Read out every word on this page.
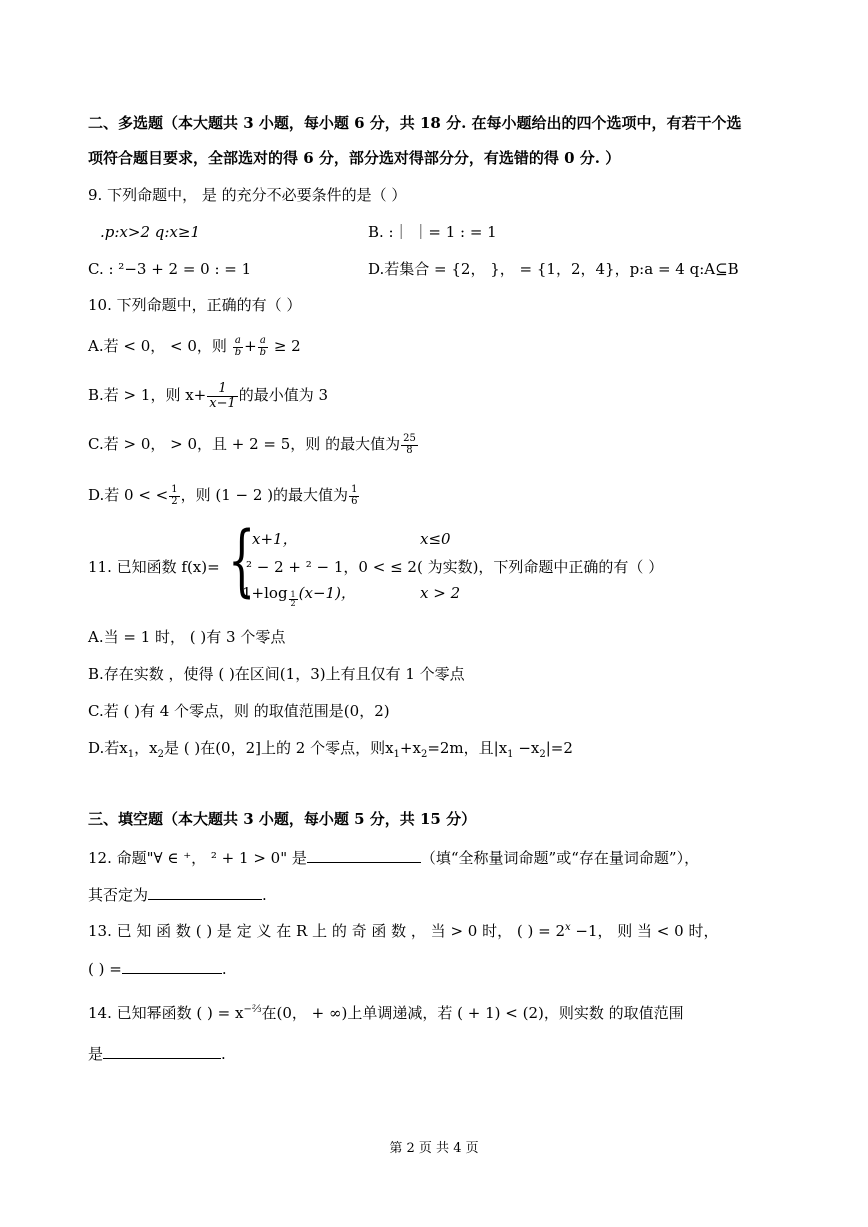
二、多选题（本大题共 3 小题，每小题 6 分，共 18 分. 在每小题给出的四个选项中，有若干个选
项符合题目要求，全部选对的得 6 分，部分选对得部分分，有选错的得 0 分. ）
9. 下列命题中， 是 的充分不必要条件的是（ ）
.p:x>2 q:x≥1	B. :｜ ｜= 1 : = 1
C. : ²−3 + 2 = 0 : = 1	D.若集合 = {2， }， = {1，2，4}，p:a = 4 q:A⊆B
10. 下列命题中，正确的有（ ）
A.若 < 0， < 0，则 $\frac{a}{b} + \frac{a}{b} \ge 2$
B.若 > 1，则 $x+ \frac{1}{x-1}$ 的最小值为 3
C.若 > 0， > 0，且 + 2 = 5，则 的最大值为 $\frac{25}{8}$
D.若 0 < < $\frac{1}{2}$ ，则 (1 − 2 )的最大值为 $\frac{1}{6}$
11. 已知函数 f(x)= {
x+1，	x≤0
² − 2 + ² − 1，0 < ≤ 2( 为实数)，下列命题中正确的有（ ）
$1+\log \frac{1}{2} (x-1)$，	x > 2
A.当 = 1 时， ( )有 3 个零点
B.存在实数 ，使得 ( )在区间(1，3)上有且仅有 1 个零点
C.若 ( )有 4 个零点，则 的取值范围是(0，2)
D.若$x_1$，$x_2$是 ( )在(0，2]上的 2 个零点，则$x_1+x_2=2m$，且$|x_1 -x_2|=2$
三、填空题（本大题共 3 小题，每小题 5 分，共 15 分）
12. 命题"∀ ∈ ⁺， ² + 1 > 0" 是	（填“全称量词命题”或“存在量词命题”），
其否定为	.
13. 已 知 函 数 ( ) 是 定 义 在 R 上 的 奇 函 数 ， 当 > 0 时， ( ) = $2^x -1$， 则 当 < 0 时，
( ) =	.
14. 已知幂函数 ( ) = $x^{-\frac{2}{3}}$在(0， + ∞)上单调递减，若 ( + 1) < (2)，则实数 的取值范围
是	.
第 2 页 共 4 页
